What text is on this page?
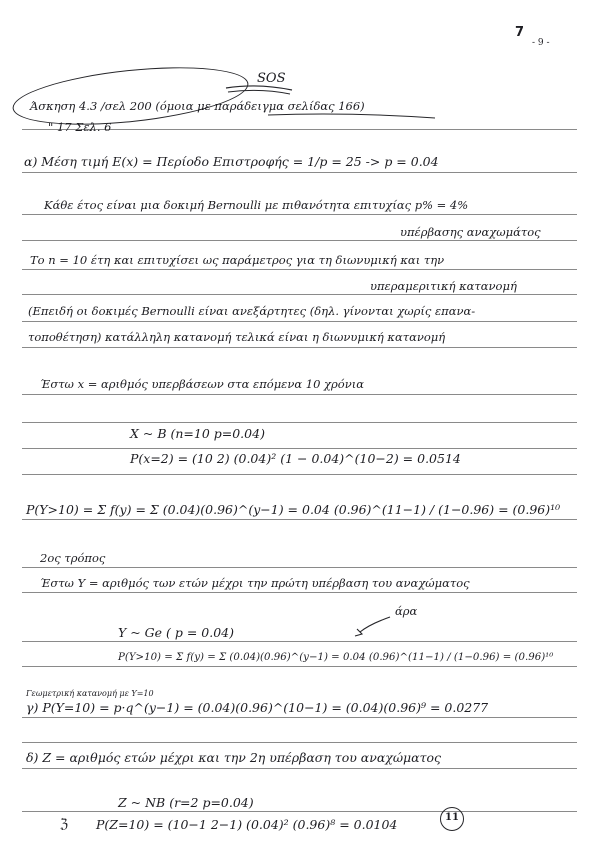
7
- 9 -
SOS
Άσκηση 4.3 /σελ 200 (όμοια με παράδειγμα σελίδας 166)
" 17 Σελ. 6
α) Μέση τιμή E(x) = Περίοδο Επιστροφής = 1/p = 25 -> p = 0.04
Κάθε έτος είναι μια δοκιμή Bernoulli με πιθανότητα επιτυχίας p% = 4%
υπέρβασης αναχωμάτος
Το n = 10 έτη και επιτυχίσει ως παράμετρος για τη διωνυμική και την
υπεραμεριτική κατανομή
(Επειδή οι δοκιμές Bernoulli είναι ανεξάρτητες (δηλ. γίνονται χωρίς επανα-
τοποθέτηση) κατάλληλη κατανομή τελικά είναι η διωνυμική κατανομή
Έστω x = αριθμός υπερβάσεων στα επόμενα 10 χρόνια
X ~ B (n=10 p=0.04)
P(x=2) = (10 2) (0.04)² (1 − 0.04)^(10−2) = 0.0514
P(Y>10) = Σ f(y) = Σ (0.04)(0.96)^(y−1) = 0.04 (0.96)^(11−1) / (1−0.96) = (0.96)¹⁰
2ος τρόπος
Έστω Y = αριθμός των ετών μέχρι την πρώτη υπέρβαση του αναχώματος
άρα
Y ~ Ge ( p = 0.04)
P(Y>10) = Σ f(y) = Σ (0.04)(0.96)^(y−1) = 0.04 (0.96)^(11−1) / (1−0.96) = (0.96)¹⁰
Γεωμετρική κατανομή με Y=10
γ) P(Y=10) = p·q^(y−1) = (0.04)(0.96)^(10−1) = (0.04)(0.96)⁹ = 0.0277
δ) Z = αριθμός ετών μέχρι και την 2η υπέρβαση του αναχώματος
Z ~ NB (r=2 p=0.04)
ℨ P(Z=10) = (10−1 2−1) (0.04)² (0.96)⁸ = 0.0104	11
